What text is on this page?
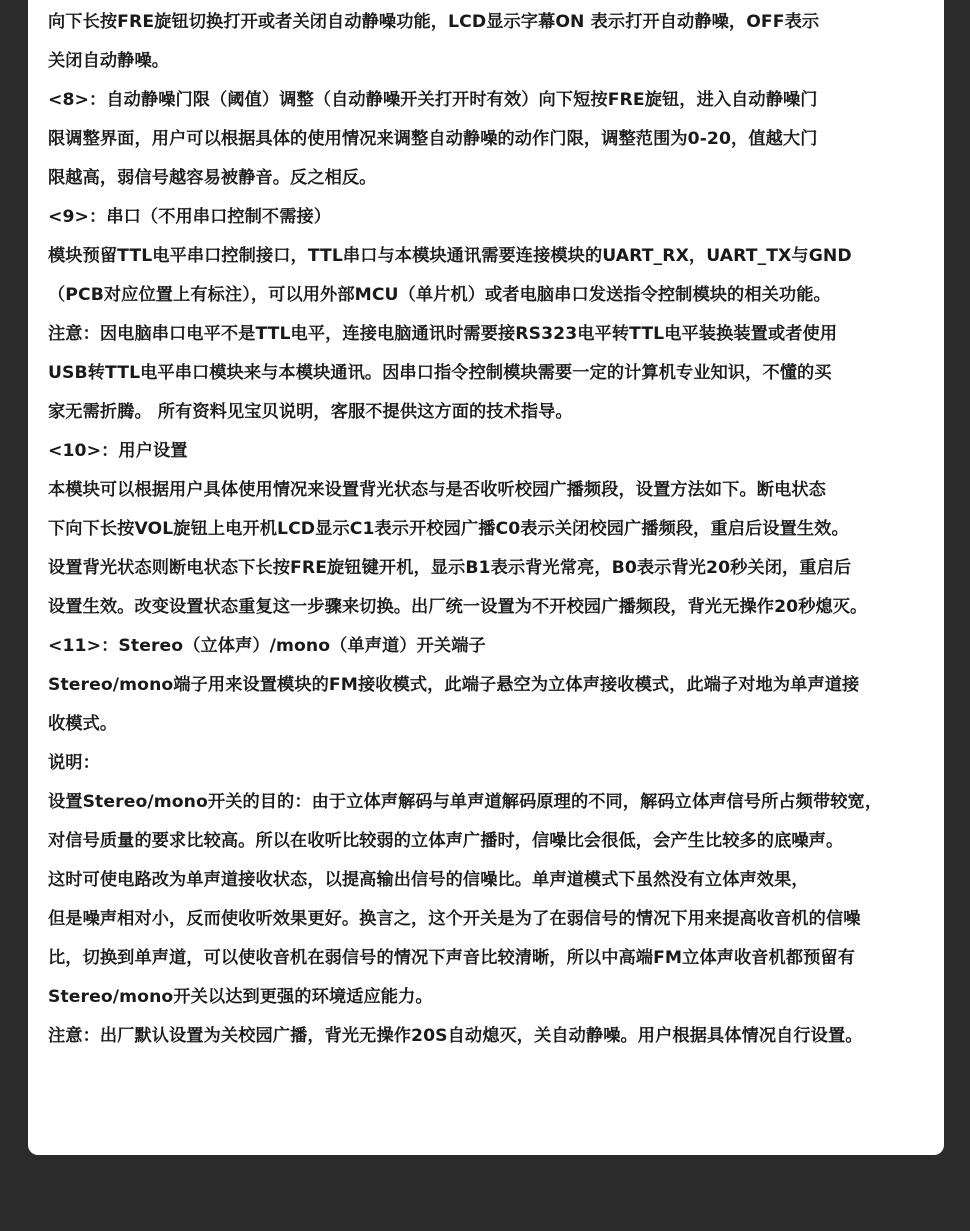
向下长按FRE旋钮切换打开或者关闭自动静噪功能，LCD显示字幕ON 表示打开自动静噪，OFF表示
关闭自动静噪。
<8>：自动静噪门限（阈值）调整（自动静噪开关打开时有效）向下短按FRE旋钮，进入自动静噪门
限调整界面，用户可以根据具体的使用情况来调整自动静噪的动作门限，调整范围为0-20，值越大门
限越高，弱信号越容易被静音。反之相反。
<9>：串口（不用串口控制不需接）
模块预留TTL电平串口控制接口，TTL串口与本模块通讯需要连接模块的UART_RX，UART_TX与GND
（PCB对应位置上有标注），可以用外部MCU（单片机）或者电脑串口发送指令控制模块的相关功能。
注意：因电脑串口电平不是TTL电平，连接电脑通讯时需要接RS323电平转TTL电平装换装置或者使用
USB转TTL电平串口模块来与本模块通讯。因串口指令控制模块需要一定的计算机专业知识，不懂的买
家无需折腾。 所有资料见宝贝说明，客服不提供这方面的技术指导。
<10>：用户设置
本模块可以根据用户具体使用情况来设置背光状态与是否收听校园广播频段，设置方法如下。断电状态
下向下长按VOL旋钮上电开机LCD显示C1表示开校园广播C0表示关闭校园广播频段，重启后设置生效。
设置背光状态则断电状态下长按FRE旋钮键开机，显示B1表示背光常亮，B0表示背光20秒关闭，重启后
设置生效。改变设置状态重复这一步骤来切换。出厂统一设置为不开校园广播频段，背光无操作20秒熄灭。
<11>：Stereo（立体声）/mono（单声道）开关端子
Stereo/mono端子用来设置模块的FM接收模式，此端子悬空为立体声接收模式，此端子对地为单声道接
收模式。
说明：
设置Stereo/mono开关的目的：由于立体声解码与单声道解码原理的不同，解码立体声信号所占频带较宽，
对信号质量的要求比较高。所以在收听比较弱的立体声广播时，信噪比会很低，会产生比较多的底噪声。
这时可使电路改为单声道接收状态，以提高输出信号的信噪比。单声道模式下虽然没有立体声效果，
但是噪声相对小，反而使收听效果更好。换言之，这个开关是为了在弱信号的情况下用来提高收音机的信噪
比，切换到单声道，可以使收音机在弱信号的情况下声音比较清晰，所以中高端FM立体声收音机都预留有
Stereo/mono开关以达到更强的环境适应能力。
注意：出厂默认设置为关校园广播，背光无操作20S自动熄灭，关自动静噪。用户根据具体情况自行设置。
